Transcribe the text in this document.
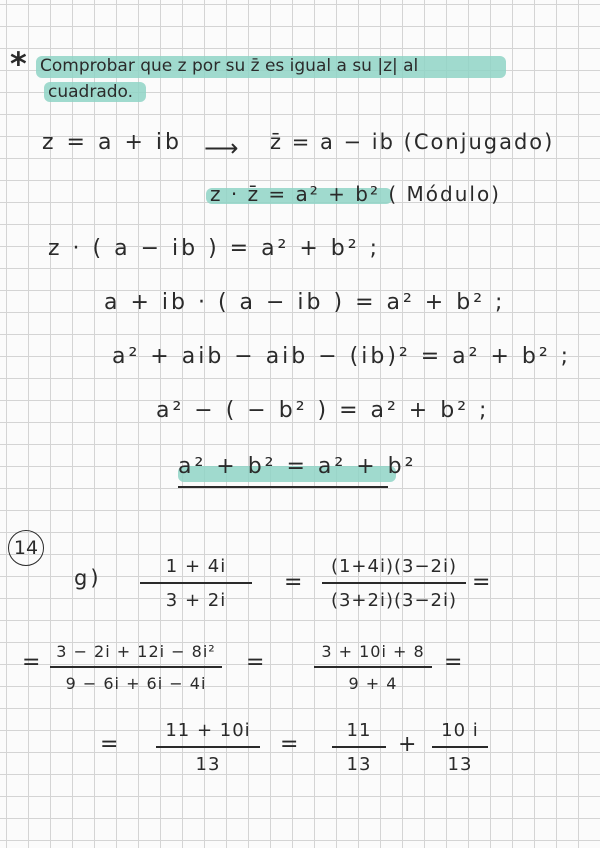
* Comprobar que z por su z̄ es igual a su |z| al
cuadrado.
z = a + ib ⟶ z̄ = a − ib (Conjugado)
z · z̄ = a² + b² ( Módulo)
z · ( a − ib ) = a² + b² ;
a + ib · ( a − ib ) = a² + b² ;
a² + aib − aib − (ib)² = a² + b² ;
a² − ( − b² ) = a² + b² ;
a² + b² = a² + b²
14
g)	1 + 4i
3 + 2i
=
(1+4i)(3−2i)
(3+2i)(3−2i)
=
= 3 − 2i + 12i − 8i²
9 − 6i + 6i − 4i
=	3 + 10i + 8
9 + 4
=
=
11 + 10i
13
=
11
13
+
10 i
13
